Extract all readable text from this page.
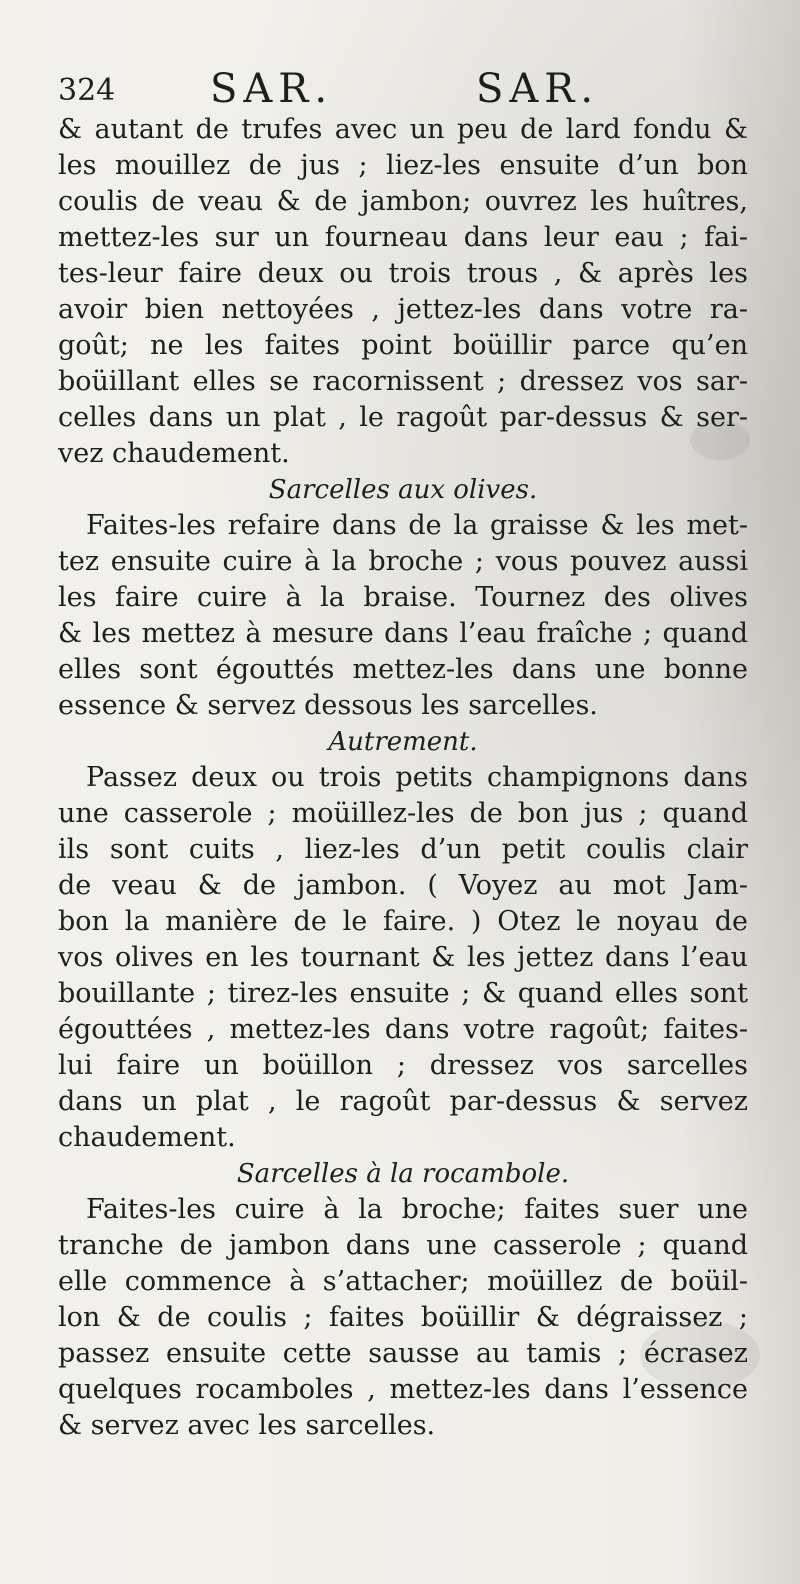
324 SAR.	SAR.
& autant de trufes avec un peu de lard fondu &
les mouillez de jus ; liez-les ensuite d’un bon
coulis de veau & de jambon; ouvrez les huîtres,
mettez-les sur un fourneau dans leur eau ; fai-
tes-leur faire deux ou trois trous , & après les
avoir bien nettoyées , jettez-les dans votre ra-
goût; ne les faites point boüillir parce qu’en
boüillant elles se racornissent ; dressez vos sar-
celles dans un plat , le ragoût par-dessus & ser-
vez chaudement.
Sarcelles aux olives.
Faites-les refaire dans de la graisse & les met-
tez ensuite cuire à la broche ; vous pouvez aussi
les faire cuire à la braise. Tournez des olives
& les mettez à mesure dans l’eau fraîche ; quand
elles sont égouttés mettez-les dans une bonne
essence & servez dessous les sarcelles.
Autrement.
Passez deux ou trois petits champignons dans
une casserole ; moüillez-les de bon jus ; quand
ils sont cuits , liez-les d’un petit coulis clair
de veau & de jambon. ( Voyez au mot Jam-
bon la manière de le faire. ) Otez le noyau de
vos olives en les tournant & les jettez dans l’eau
bouillante ; tirez-les ensuite ; & quand elles sont
égouttées , mettez-les dans votre ragoût; faites-
lui faire un boüillon ; dressez vos sarcelles
dans un plat , le ragoût par-dessus & servez
chaudement.
Sarcelles à la rocambole.
Faites-les cuire à la broche; faites suer une
tranche de jambon dans une casserole ; quand
elle commence à s’attacher; moüillez de boüil-
lon & de coulis ; faites boüillir & dégraissez ;
passez ensuite cette sausse au tamis ; écrasez
quelques rocamboles , mettez-les dans l’essence
& servez avec les sarcelles.
